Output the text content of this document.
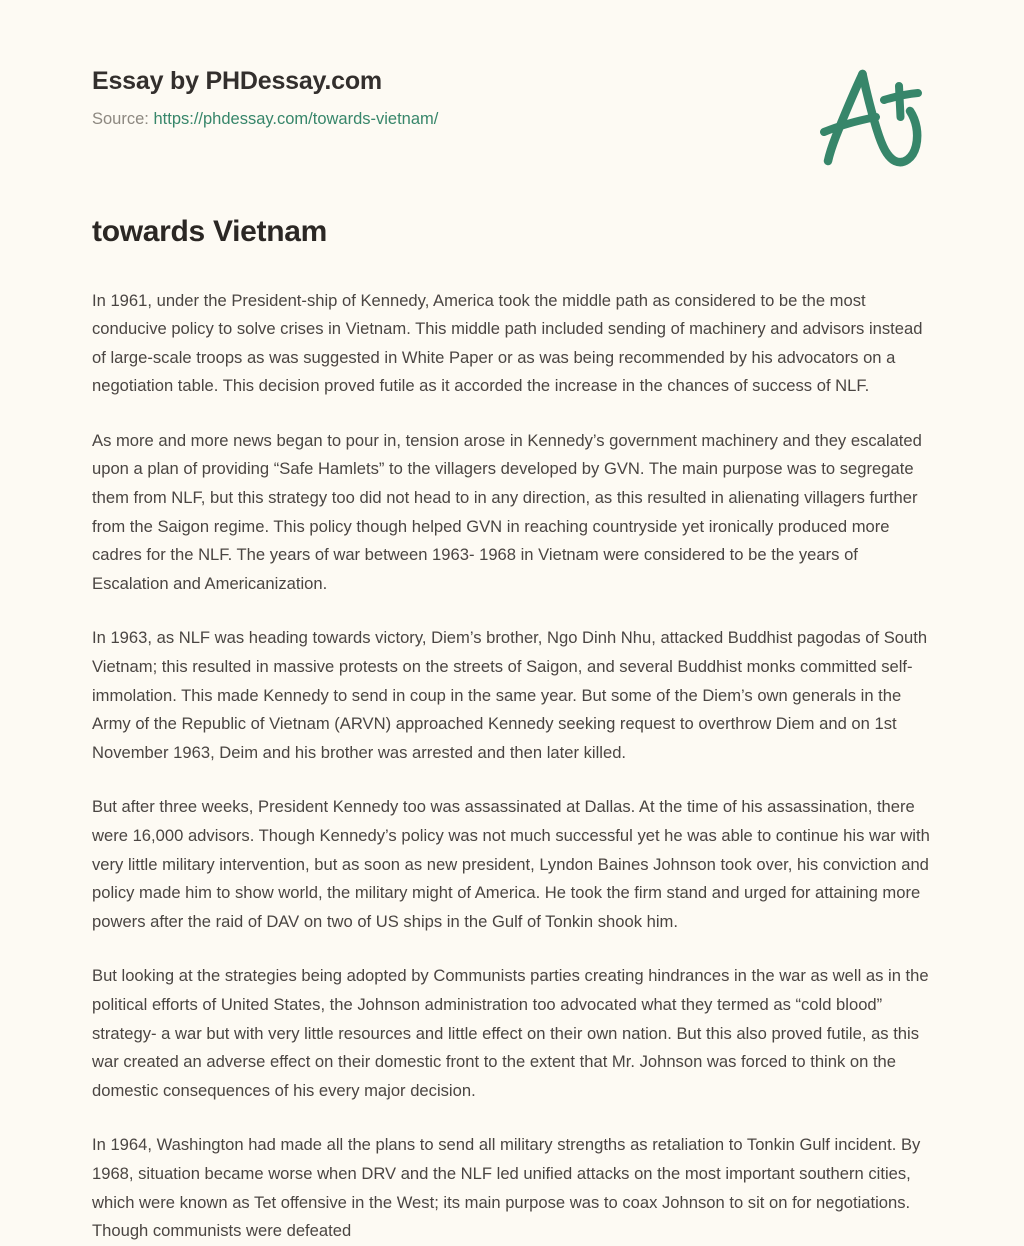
Essay by PHDessay.com
Source: https://phdessay.com/towards-vietnam/
towards Vietnam

In 1961, under the President-ship of Kennedy, America took the middle path as considered to be the most conducive policy to solve crises in Vietnam. This middle path included sending of machinery and advisors instead of large-scale troops as was suggested in White Paper or as was being recommended by his advocators on a negotiation table. This decision proved futile as it accorded the increase in the chances of success of NLF.

As more and more news began to pour in, tension arose in Kennedy’s government machinery and they escalated upon a plan of providing “Safe Hamlets” to the villagers developed by GVN. The main purpose was to segregate them from NLF, but this strategy too did not head to in any direction, as this resulted in alienating villagers further from the Saigon regime. This policy though helped GVN in reaching countryside yet ironically produced more cadres for the NLF. The years of war between 1963- 1968 in Vietnam were considered to be the years of Escalation and Americanization.

In 1963, as NLF was heading towards victory, Diem’s brother, Ngo Dinh Nhu, attacked Buddhist pagodas of South Vietnam; this resulted in massive protests on the streets of Saigon, and several Buddhist monks committed self-immolation. This made Kennedy to send in coup in the same year. But some of the Diem’s own generals in the Army of the Republic of Vietnam (ARVN) approached Kennedy seeking request to overthrow Diem and on 1st November 1963, Deim and his brother was arrested and then later killed.

But after three weeks, President Kennedy too was assassinated at Dallas. At the time of his assassination, there were 16,000 advisors. Though Kennedy’s policy was not much successful yet he was able to continue his war with very little military intervention, but as soon as new president, Lyndon Baines Johnson took over, his conviction and policy made him to show world, the military might of America. He took the firm stand and urged for attaining more powers after the raid of DAV on two of US ships in the Gulf of Tonkin shook him.

But looking at the strategies being adopted by Communists parties creating hindrances in the war as well as in the political efforts of United States, the Johnson administration too advocated what they termed as “cold blood” strategy- a war but with very little resources and little effect on their own nation. But this also proved futile, as this war created an adverse effect on their domestic front to the extent that Mr. Johnson was forced to think on the domestic consequences of his every major decision.

In 1964, Washington had made all the plans to send all military strengths as retaliation to Tonkin Gulf incident. By 1968, situation became worse when DRV and the NLF led unified attacks on the most important southern cities, which were known as Tet offensive in the West; its main purpose was to coax Johnson to sit on for negotiations. Though communists were defeated
